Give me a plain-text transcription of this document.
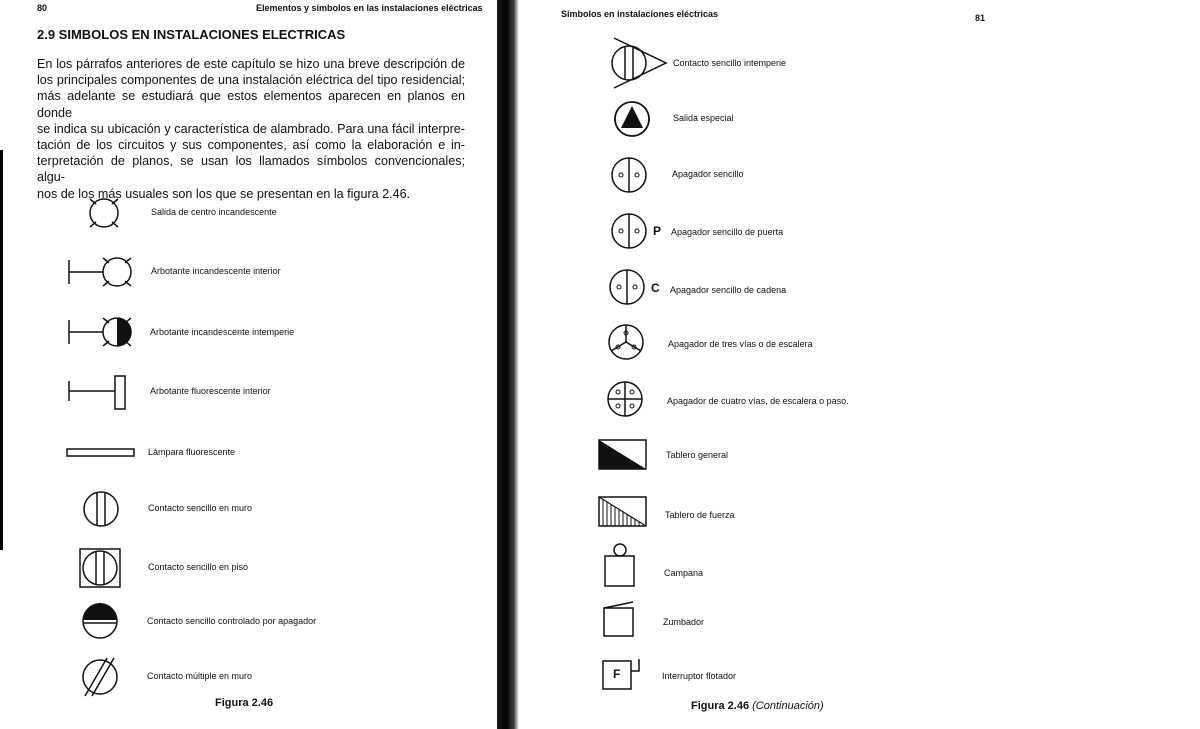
80	Elementos y símbolos en las instalaciones eléctricas
2.9 SIMBOLOS EN INSTALACIONES ELECTRICAS
En los párrafos anteriores de este capítulo se hizo una breve descripción de
los principales componentes de una instalación eléctrica del tipo residencial;
más adelante se estudiará que estos elementos aparecen en planos en donde
se indica su ubicación y característica de alambrado. Para una fácil interpre-
tación de los circuitos y sus componentes, así como la elaboración e in-
terpretación de planos, se usan los llamados símbolos convencionales; algu-
nos de los más usuales son los que se presentan en la figura 2.46.
Salida de centro incandescente
Arbotante incandescente interior
Arbotante incandescente intemperie
Arbotante fluorescente interior
Lámpara fluorescente
Contacto sencillo en muro
Contacto sencillo en piso
Contacto sencillo controlado por apagador
Contacto múltiple en muro
Figura 2.46
Símbolos en instalaciones eléctricas	81
Contacto sencillo intemperie
Salida especial
Apagador sencillo
P Apagador sencillo de puerta
C Apagador sencillo de cadena
Apagador de tres vías o de escalera
Apagador de cuatro vías, de escalera o paso.
Tablero general
Tablero de fuerza
Campana
Zumbador
F	Interruptor flotador
Figura 2.46 (Continuación)
